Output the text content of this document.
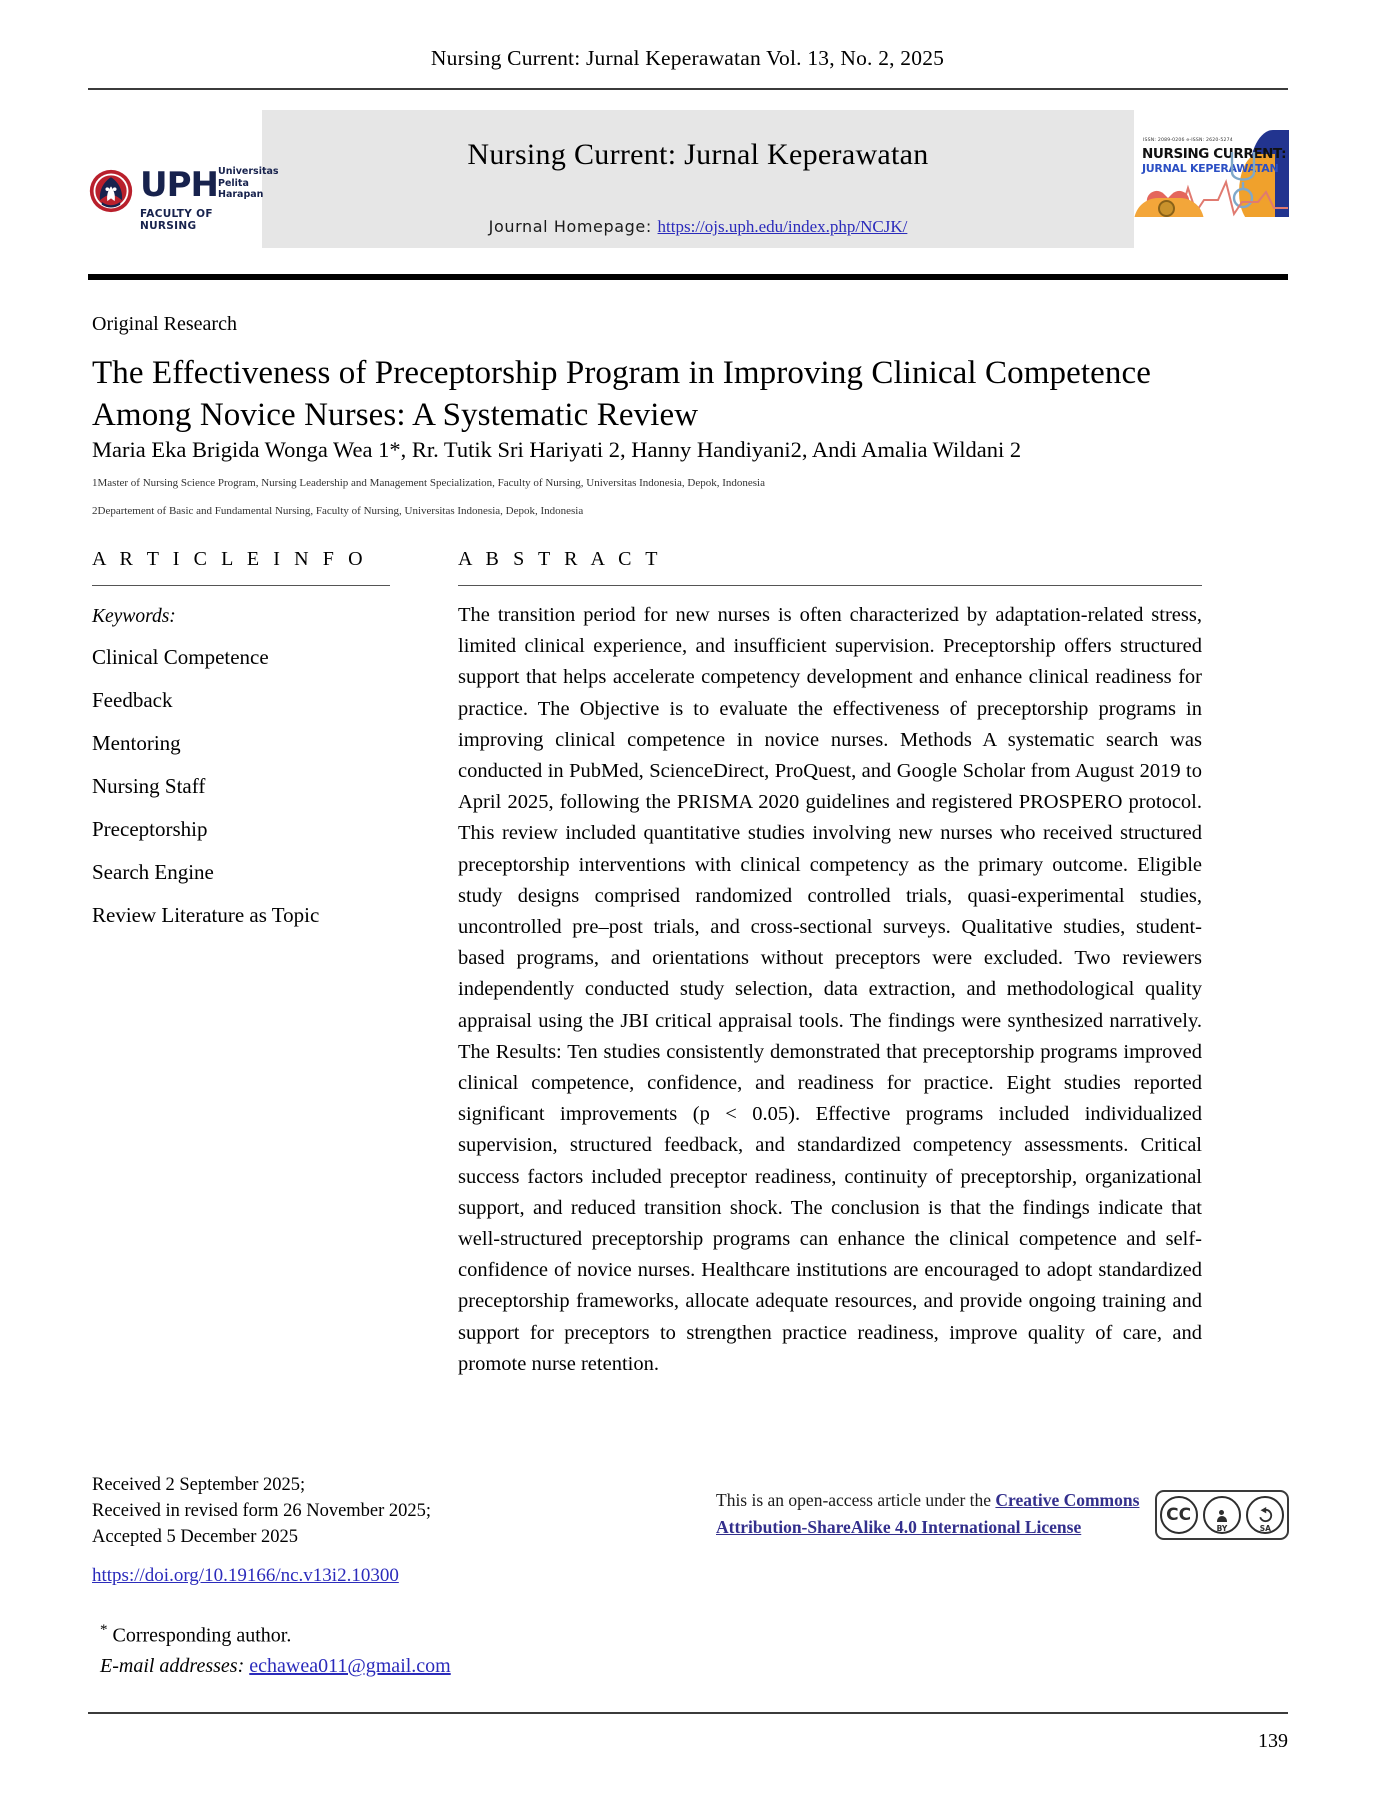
Nursing Current: Jurnal Keperawatan Vol. 13, No. 2, 2025
Nursing Current: Jurnal Keperawatan
Journal Homepage: https://ojs.uph.edu/index.php/NCJK/
UPH Universitas
Pelita
Harapan
FACULTY OF NURSING
ISSN: 2089-0206 e-ISSN: 2620-5274
NURSING CURRENT:
JURNAL KEPERAWATAN
Original Research
The Effectiveness of Preceptorship Program in Improving Clinical Competence Among Novice Nurses: A Systematic Review
Maria Eka Brigida Wonga Wea 1*, Rr. Tutik Sri Hariyati 2, Hanny Handiyani2, Andi Amalia Wildani 2
1Master of Nursing Science Program, Nursing Leadership and Management Specialization, Faculty of Nursing, Universitas Indonesia, Depok, Indonesia
2Departement of Basic and Fundamental Nursing, Faculty of Nursing, Universitas Indonesia, Depok, Indonesia
A R T I C L E I N F O
Keywords:
Clinical Competence
Feedback
Mentoring
Nursing Staff
Preceptorship
Search Engine
Review Literature as Topic
A B S T R A C T
The transition period for new nurses is often characterized by adaptation-related stress, limited clinical experience, and insufficient supervision. Preceptorship offers structured support that helps accelerate competency development and enhance clinical readiness for practice. The Objective is to evaluate the effectiveness of preceptorship programs in improving clinical competence in novice nurses. Methods A systematic search was conducted in PubMed, ScienceDirect, ProQuest, and Google Scholar from August 2019 to April 2025, following the PRISMA 2020 guidelines and registered PROSPERO protocol. This review included quantitative studies involving new nurses who received structured preceptorship interventions with clinical competency as the primary outcome. Eligible study designs comprised randomized controlled trials, quasi-experimental studies, uncontrolled pre–post trials, and cross-sectional surveys. Qualitative studies, student-based programs, and orientations without preceptors were excluded. Two reviewers independently conducted study selection, data extraction, and methodological quality appraisal using the JBI critical appraisal tools. The findings were synthesized narratively. The Results: Ten studies consistently demonstrated that preceptorship programs improved clinical competence, confidence, and readiness for practice. Eight studies reported significant improvements (p < 0.05). Effective programs included individualized supervision, structured feedback, and standardized competency assessments. Critical success factors included preceptor readiness, continuity of preceptorship, organizational support, and reduced transition shock. The conclusion is that the findings indicate that well-structured preceptorship programs can enhance the clinical competence and self-confidence of novice nurses. Healthcare institutions are encouraged to adopt standardized preceptorship frameworks, allocate adequate resources, and provide ongoing training and support for preceptors to strengthen practice readiness, improve quality of care, and promote nurse retention.
Received 2 September 2025;
Received in revised form 26 November 2025;
Accepted 5 December 2025
https://doi.org/10.19166/nc.v13i2.10300
* Corresponding author.
E-mail addresses: echawea011@gmail.com
This is an open-access article under the Creative Commons Attribution-ShareAlike 4.0 International License
CC
BY	SA
139
